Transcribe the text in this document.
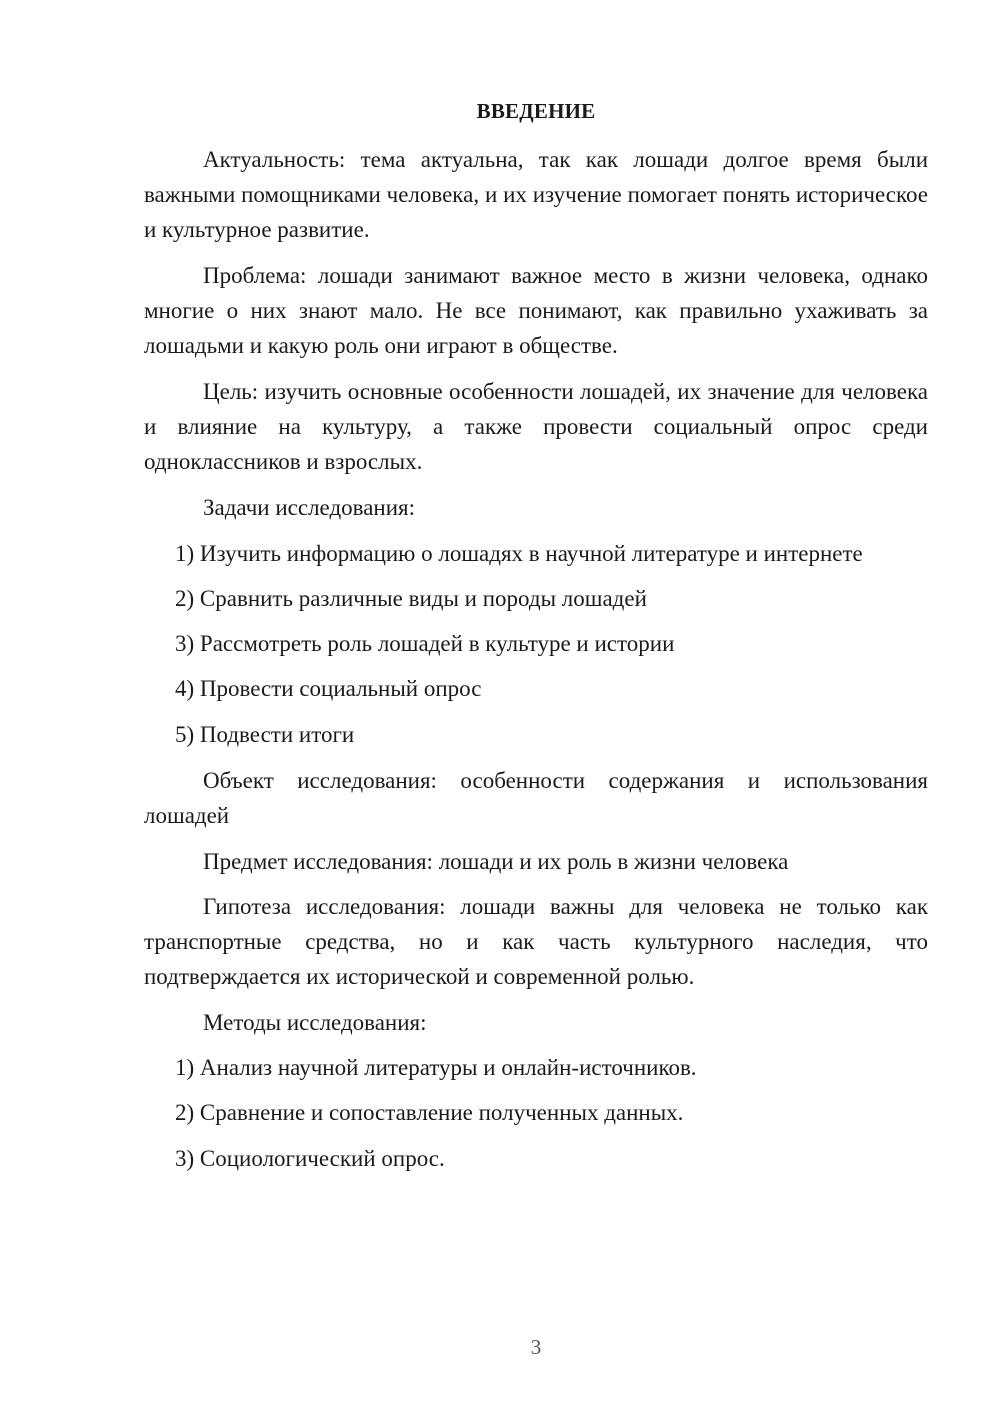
ВВЕДЕНИЕ

Актуальность: тема актуальна, так как лошади долгое время были важными помощниками человека, и их изучение помогает понять историческое и культурное развитие.

Проблема: лошади занимают важное место в жизни человека, однако многие о них знают мало. Не все понимают, как правильно ухаживать за лошадьми и какую роль они играют в обществе.

Цель: изучить основные особенности лошадей, их значение для человека и влияние на культуру, а также провести социальный опрос среди одноклассников и взрослых.

Задачи исследования:

1) Изучить информацию о лошадях в научной литературе и интернете

2) Сравнить различные виды и породы лошадей

3) Рассмотреть роль лошадей в культуре и истории

4) Провести социальный опрос

5) Подвести итоги

Объект исследования: особенности содержания и использования лошадей

Предмет исследования: лошади и их роль в жизни человека

Гипотеза исследования: лошади важны для человека не только как транспортные средства, но и как часть культурного наследия, что подтверждается их исторической и современной ролью.

Методы исследования:

1) Анализ научной литературы и онлайн-источников.

2) Сравнение и сопоставление полученных данных.

3) Социологический опрос.

3
